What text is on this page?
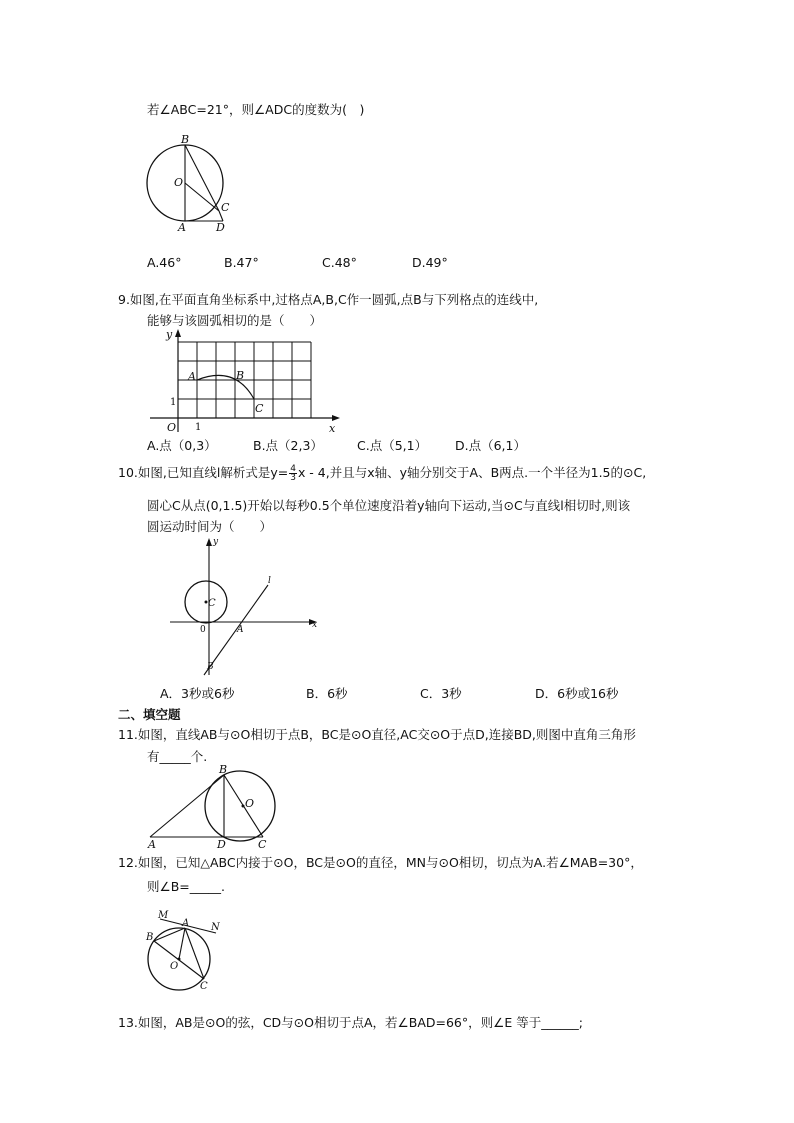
若∠ABC=21°，则∠ADC的度数为(　)
B
O
A	D
C
A.46°	B.47°	C.48°	D.49°
9.如图,在平面直角坐标系中,过格点A,B,C作一圆弧,点B与下列格点的连线中,
能够与该圆弧相切的是（　　）
y
x
O 1
1
A	B
C
A.点（0,3）	B.点（2,3）	C.点（5,1） D.点（6,1）
10.如图,已知直线l解析式是$y= \frac{4}{3}$ x - 4,并且与x轴、y轴分别交于A、B两点.一个半径为1.5的⊙C,
圆心C从点(0,1.5)开始以每秒0.5个单位速度沿着y轴向下运动,当⊙C与直线l相切时,则该
圆运动时间为（　　）
y
x
C
0	A
B
l
A．3秒或6秒	B．6秒	C．3秒	D．6秒或16秒
二、填空题
11.如图，直线AB与⊙O相切于点B，BC是⊙O直径,AC交⊙O于点D,连接BD,则图中直角三角形
有_____个.
B
O
A	D	C
12.如图，已知△ABC内接于⊙O，BC是⊙O的直径，MN与⊙O相切，切点为A.若∠MAB=30°，
则∠B=_____.
M
A N
B
O
C
13.如图，AB是⊙O的弦，CD与⊙O相切于点A，若∠BAD=66°，则∠E 等于______;
